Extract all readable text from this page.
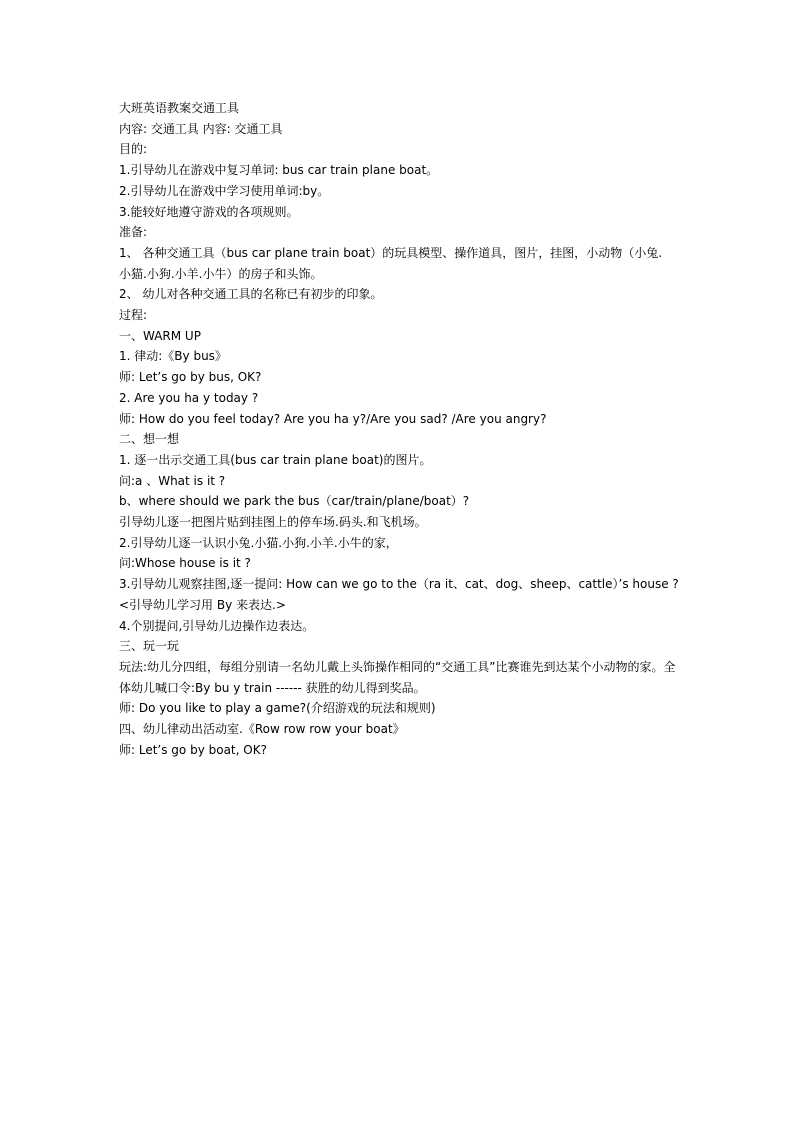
大班英语教案交通工具
内容: 交通工具 内容: 交通工具
目的:
1.引导幼儿在游戏中复习单词: bus car train plane boat。
2.引导幼儿在游戏中学习使用单词:by。
3.能较好地遵守游戏的各项规则。
准备:
1、 各种交通工具（bus car plane train boat）的玩具模型、操作道具，图片，挂图，小动物（小兔.
小猫.小狗.小羊.小牛）的房子和头饰。
2、 幼儿对各种交通工具的名称已有初步的印象。
过程:
一、WARM UP
1. 律动:《By bus》
师: Let’s go by bus, OK?
2. Are you ha y today ?
师: How do you feel today? Are you ha y?/Are you sad? /Are you angry?
二、想一想
1. 逐一出示交通工具(bus car train plane boat)的图片。
问:a 、What is it ?
b、where should we park the bus（car/train/plane/boat）?
引导幼儿逐一把图片贴到挂图上的停车场.码头.和飞机场。
2.引导幼儿逐一认识小兔.小猫.小狗.小羊.小牛的家，
问:Whose house is it ?
3.引导幼儿观察挂图,逐一提问: How can we go to the（ra it、cat、dog、sheep、cattle）’s house ?
<引导幼儿学习用 By 来表达.>
4.个别提问,引导幼儿边操作边表达。
三、玩一玩
玩法:幼儿分四组，每组分别请一名幼儿戴上头饰操作相同的“交通工具”比赛谁先到达某个小动物的家。全
体幼儿喊口令:By bu y train ------ 获胜的幼儿得到奖品。
师: Do you like to play a game?(介绍游戏的玩法和规则)
四、幼儿律动出活动室.《Row row row your boat》
师: Let’s go by boat, OK?
